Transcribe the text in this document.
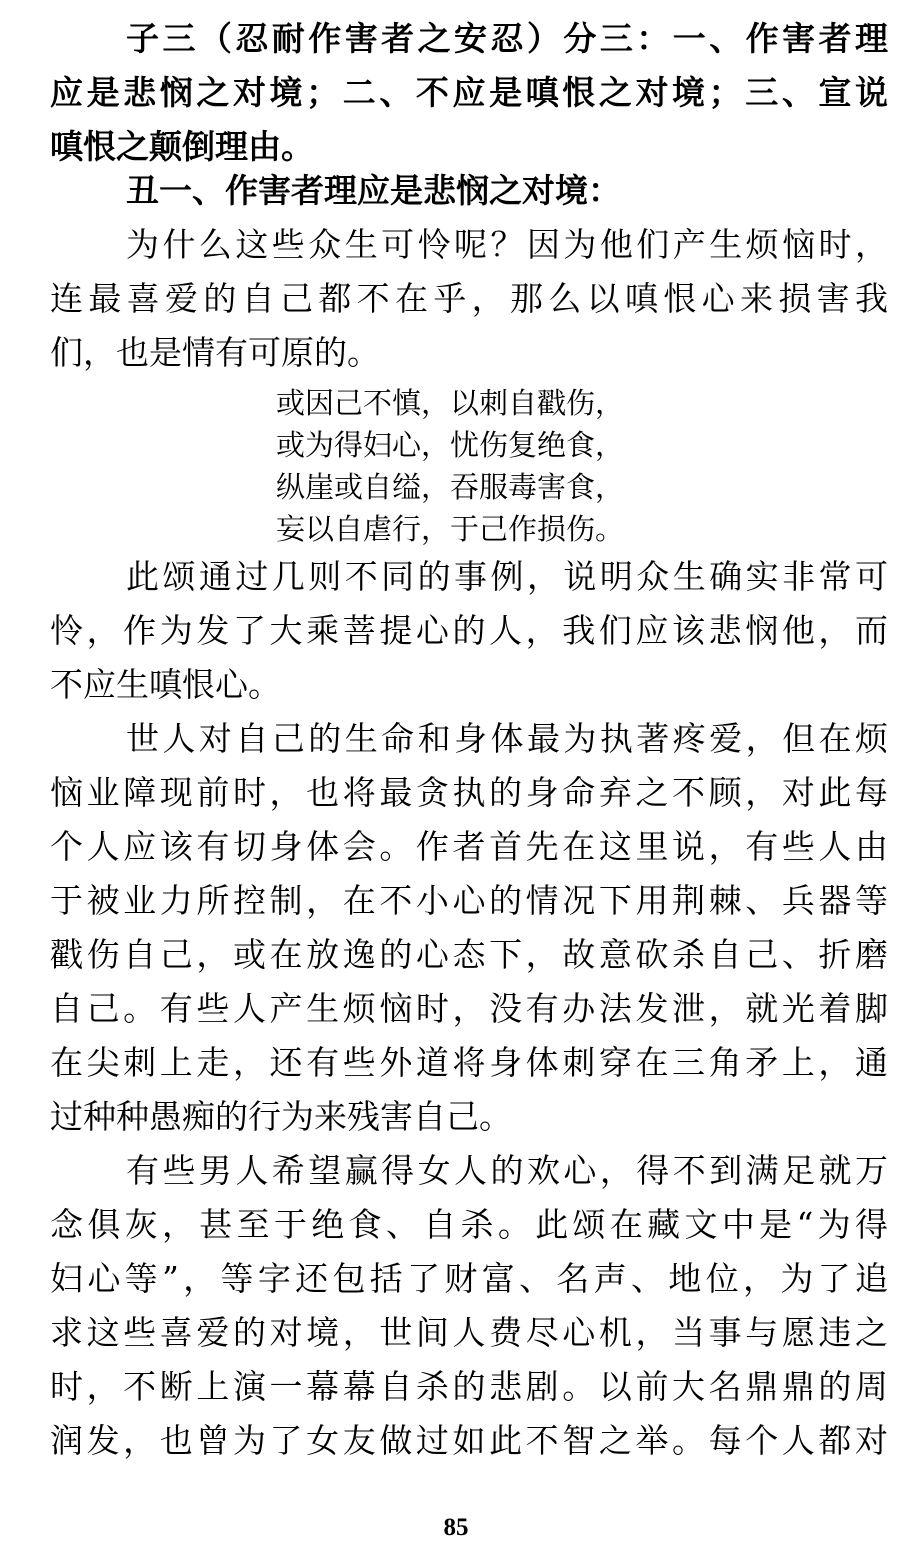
子三（忍耐作害者之安忍）分三：一、作害者理
应是悲悯之对境；二、不应是嗔恨之对境；三、宣说
嗔恨之颠倒理由。
丑一、作害者理应是悲悯之对境：
为什么这些众生可怜呢？因为他们产生烦恼时，
连最喜爱的自己都不在乎，那么以嗔恨心来损害我
们，也是情有可原的。
或因己不慎，以刺自戳伤，
或为得妇心，忧伤复绝食，
纵崖或自缢，吞服毒害食，
妄以自虐行，于己作损伤。
此颂通过几则不同的事例，说明众生确实非常可
怜，作为发了大乘菩提心的人，我们应该悲悯他，而
不应生嗔恨心。
世人对自己的生命和身体最为执著疼爱，但在烦
恼业障现前时，也将最贪执的身命弃之不顾，对此每
个人应该有切身体会。作者首先在这里说，有些人由
于被业力所控制，在不小心的情况下用荆棘、兵器等
戳伤自己，或在放逸的心态下，故意砍杀自己、折磨
自己。有些人产生烦恼时，没有办法发泄，就光着脚
在尖刺上走，还有些外道将身体刺穿在三角矛上，通
过种种愚痴的行为来残害自己。
有些男人希望赢得女人的欢心，得不到满足就万
念俱灰，甚至于绝食、自杀。此颂在藏文中是“为得
妇心等”，等字还包括了财富、名声、地位，为了追
求这些喜爱的对境，世间人费尽心机，当事与愿违之
时，不断上演一幕幕自杀的悲剧。以前大名鼎鼎的周
润发，也曾为了女友做过如此不智之举。每个人都对
85
